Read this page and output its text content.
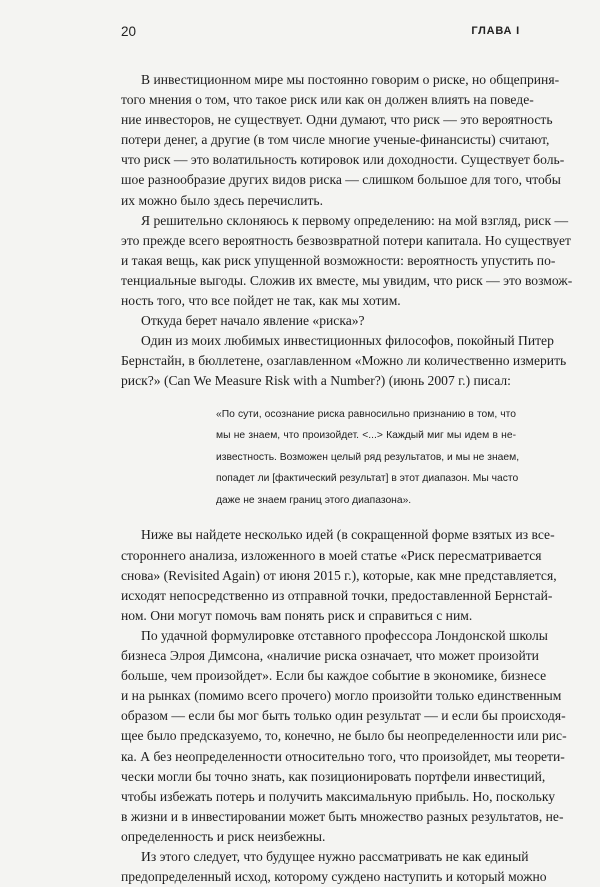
20	ГЛАВА I
В инвестиционном мире мы постоянно говорим о риске, но общеприня-
того мнения о том, что такое риск или как он должен влиять на поведе-
ние инвесторов, не существует. Одни думают, что риск — это вероятность
потери денег, а другие (в том числе многие ученые-финансисты) считают,
что риск — это волатильность котировок или доходности. Существует боль-
шое разнообразие других видов риска — слишком большое для того, чтобы
их можно было здесь перечислить.
Я решительно склоняюсь к первому определению: на мой взгляд, риск —
это прежде всего вероятность безвозвратной потери капитала. Но существует
и такая вещь, как риск упущенной возможности: вероятность упустить по-
тенциальные выгоды. Сложив их вместе, мы увидим, что риск — это возмож-
ность того, что все пойдет не так, как мы хотим.
Откуда берет начало явление «риска»?
Один из моих любимых инвестиционных философов, покойный Питер
Бернстайн, в бюллетене, озаглавленном «Можно ли количественно измерить
риск?» (Can We Measure Risk with a Number?) (июнь 2007 г.) писал:
«По сути, осознание риска равносильно признанию в том, что
мы не знаем, что произойдет. <...> Каждый миг мы идем в не-
известность. Возможен целый ряд результатов, и мы не знаем,
попадет ли [фактический результат] в этот диапазон. Мы часто
даже не знаем границ этого диапазона».
Ниже вы найдете несколько идей (в сокращенной форме взятых из все-
стороннего анализа, изложенного в моей статье «Риск пересматривается
снова» (Revisited Again) от июня 2015 г.), которые, как мне представляется,
исходят непосредственно из отправной точки, предоставленной Бернстай-
ном. Они могут помочь вам понять риск и справиться с ним.
По удачной формулировке отставного профессора Лондонской школы
бизнеса Элроя Димсона, «наличие риска означает, что может произойти
больше, чем произойдет». Если бы каждое событие в экономике, бизнесе
и на рынках (помимо всего прочего) могло произойти только единственным
образом — если бы мог быть только один результат — и если бы происходя-
щее было предсказуемо, то, конечно, не было бы неопределенности или рис-
ка. А без неопределенности относительно того, что произойдет, мы теорети-
чески могли бы точно знать, как позиционировать портфели инвестиций,
чтобы избежать потерь и получить максимальную прибыль. Но, поскольку
в жизни и в инвестировании может быть множество разных результатов, не-
определенность и риск неизбежны.
Из этого следует, что будущее нужно рассматривать не как единый
предопределенный исход, которому суждено наступить и который можно
